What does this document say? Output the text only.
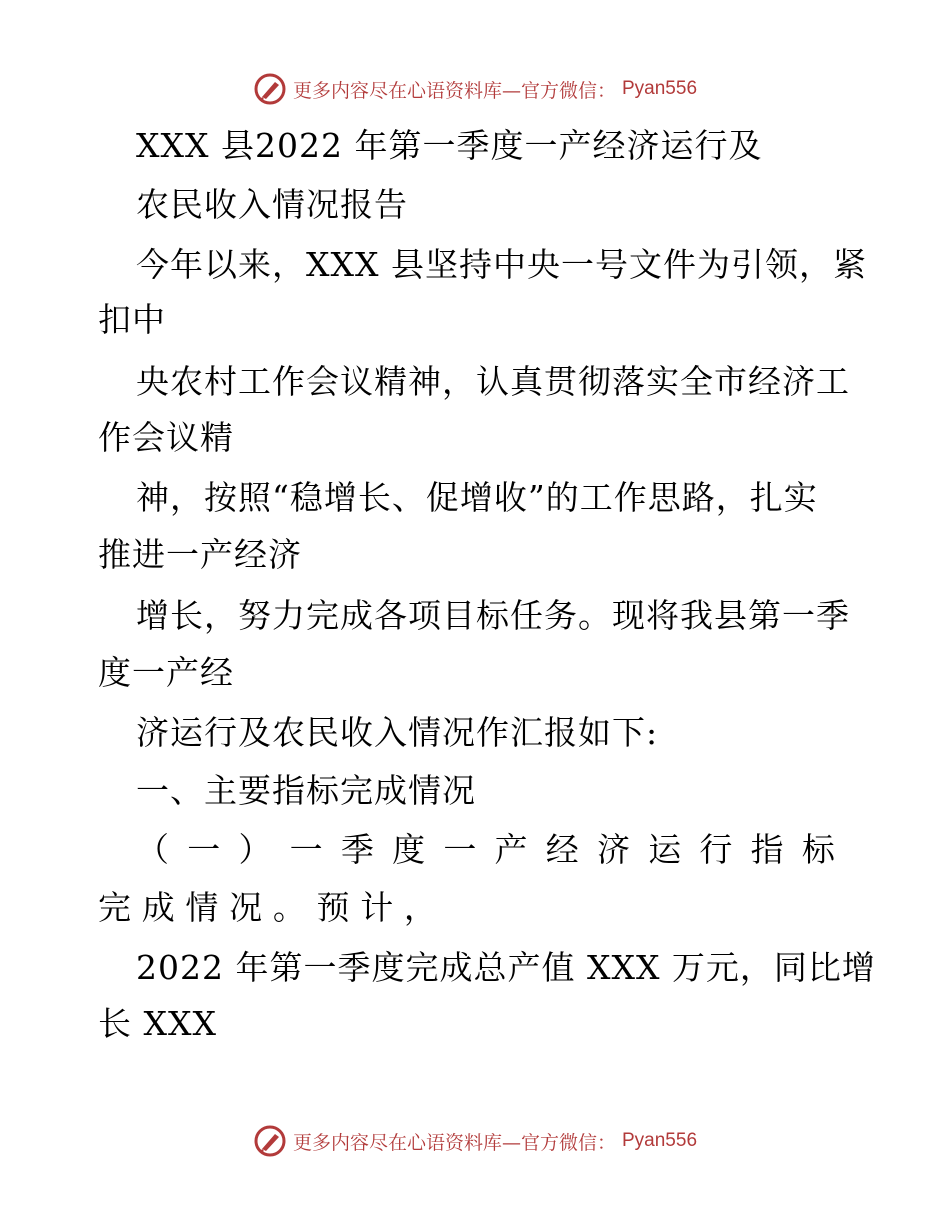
更多内容尽在心语资料库—官方微信： Pyan556
XXX 县2022 年第一季度一产经济运行及
农民收入情况报告
今年以来，XXX 县坚持中央一号文件为引领，紧
扣中
央农村工作会议精神，认真贯彻落实全市经济工
作会议精
神，按照“稳增长、促增收”的工作思路，扎实
推进一产经济
增长，努力完成各项目标任务。现将我县第一季
度一产经
济运行及农民收入情况作汇报如下:
一、主要指标完成情况
（ 一 ） 一 季 度 一 产 经 济 运 行 指 标
完 成 情 况 。 预 计 ，
2022 年第一季度完成总产值 XXX 万元，同比增
长 XXX
更多内容尽在心语资料库—官方微信： Pyan556
